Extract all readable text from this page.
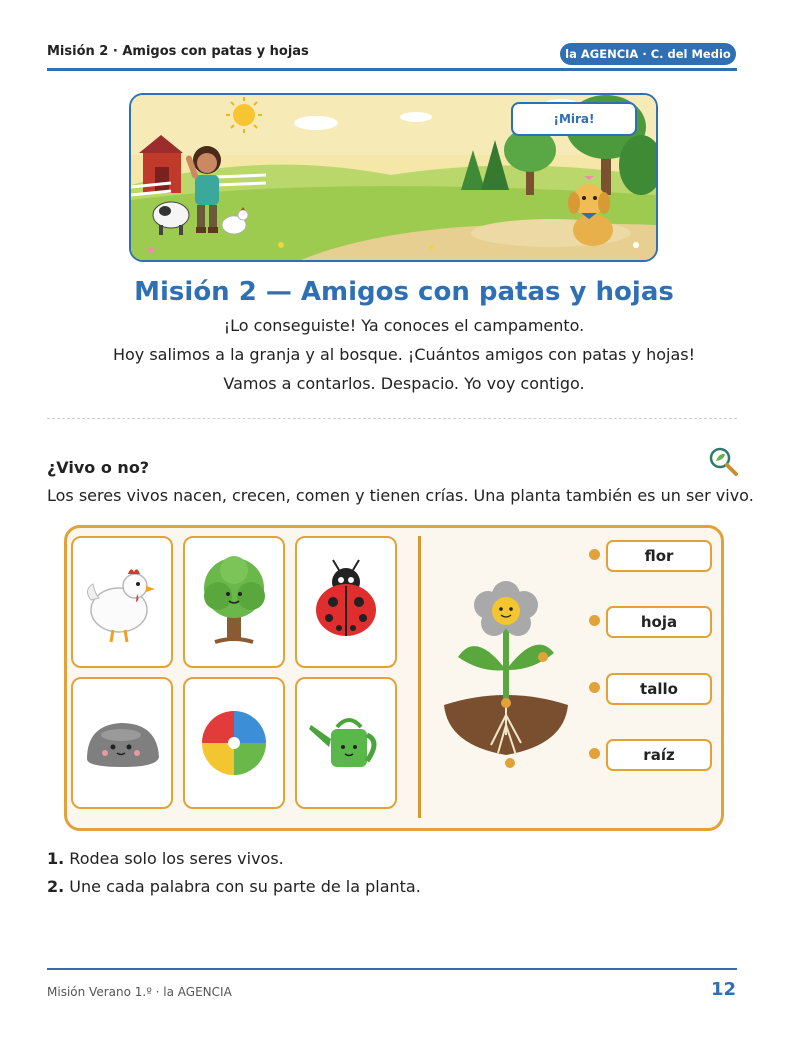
Misión 2 · Amigos con patas y hojas	la AGENCIA · C. del Medio
¡Mira!
Misión 2 — Amigos con patas y hojas
¡Lo conseguiste! Ya conoces el campamento.
Hoy salimos a la granja y al bosque. ¡Cuántos amigos con patas y hojas!
Vamos a contarlos. Despacio. Yo voy contigo.
¿Vivo o no?
Los seres vivos nacen, crecen, comen y tienen crías. Una planta también es un ser vivo.
flor
hoja
tallo
raíz
1. Rodea solo los seres vivos.
2. Une cada palabra con su parte de la planta.
Misión Verano 1.º · la AGENCIA	12
